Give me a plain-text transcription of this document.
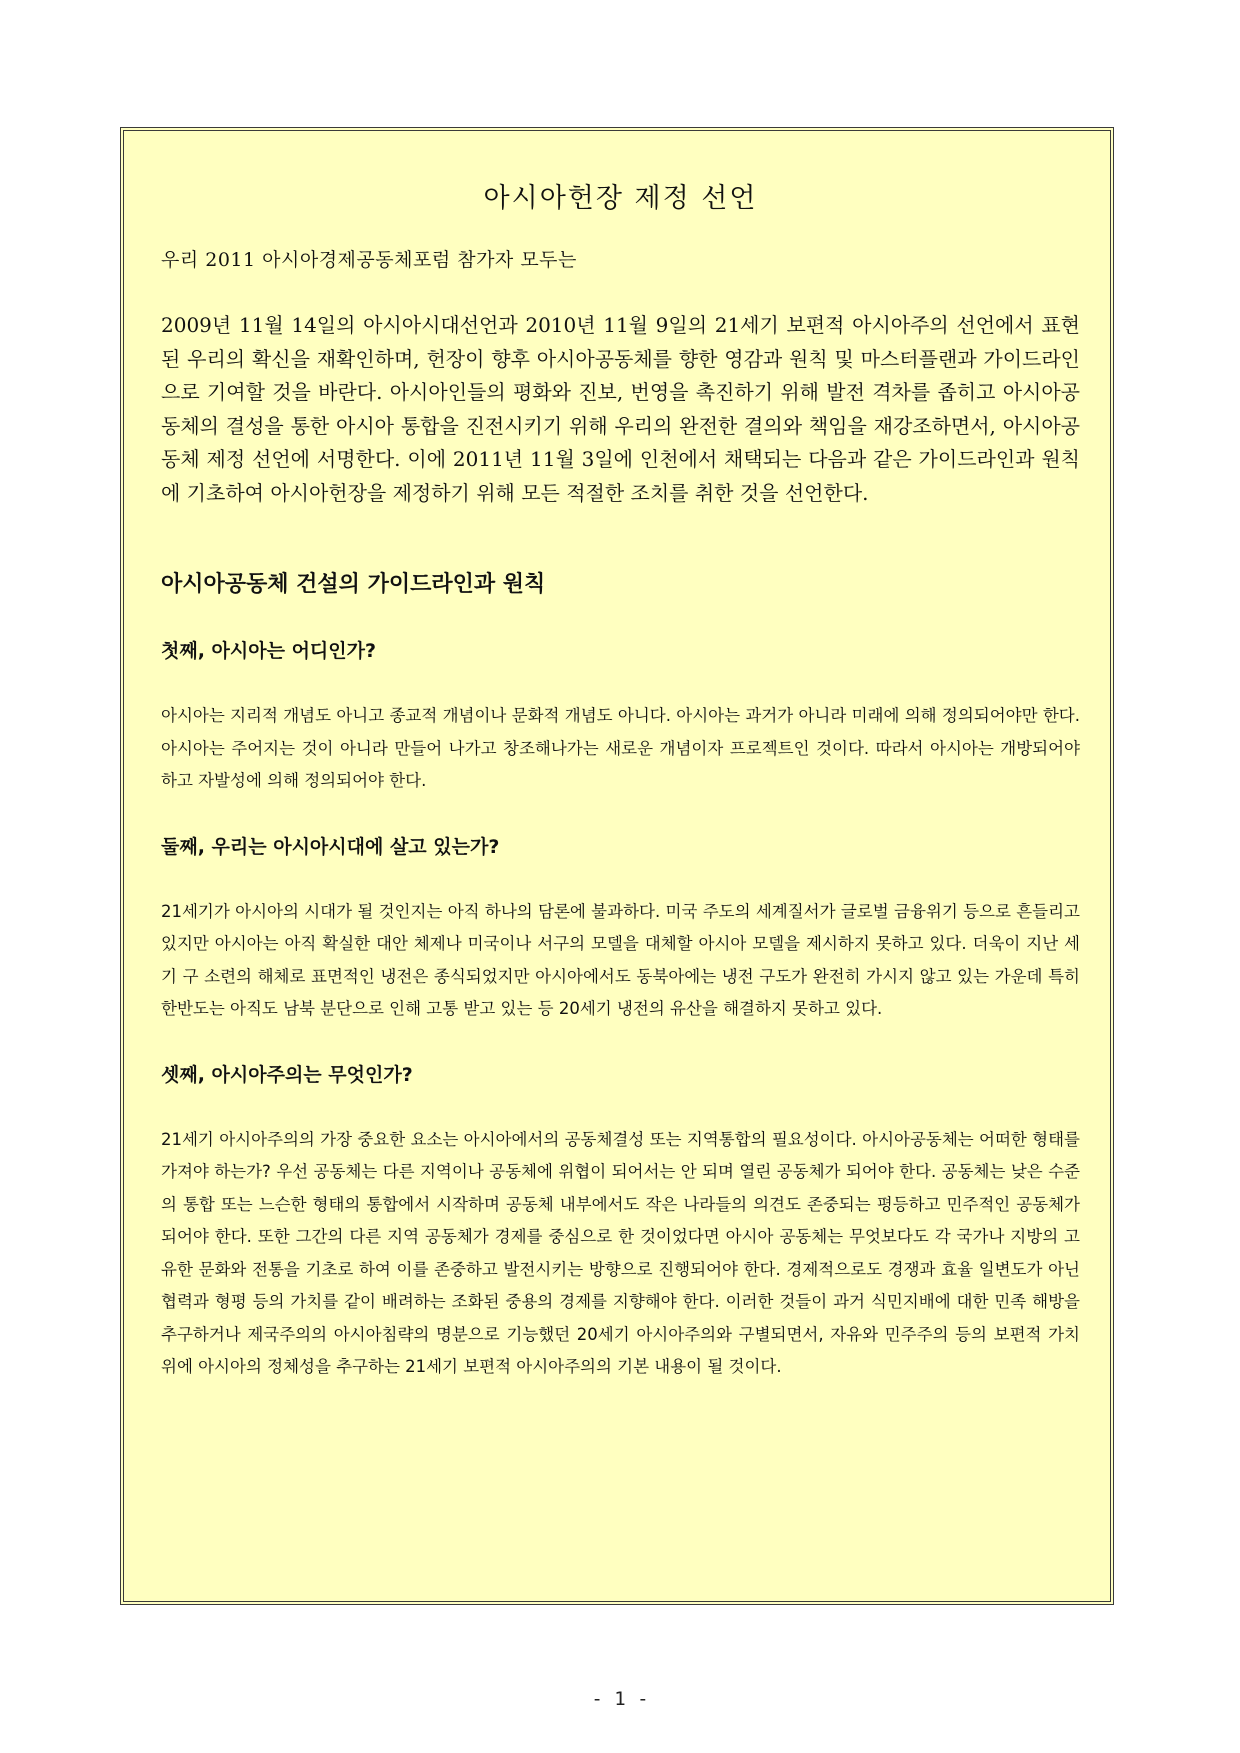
아시아헌장 제정 선언

우리 2011 아시아경제공동체포럼 참가자 모두는

2009년 11월 14일의 아시아시대선언과 2010년 11월 9일의 21세기 보편적 아시아주의 선언에서 표현된 우리의 확신을 재확인하며, 헌장이 향후 아시아공동체를 향한 영감과 원칙 및 마스터플랜과 가이드라인으로 기여할 것을 바란다. 아시아인들의 평화와 진보, 번영을 촉진하기 위해 발전 격차를 좁히고 아시아공동체의 결성을 통한 아시아 통합을 진전시키기 위해 우리의 완전한 결의와 책임을 재강조하면서, 아시아공동체 제정 선언에 서명한다. 이에 2011년 11월 3일에 인천에서 채택되는 다음과 같은 가이드라인과 원칙에 기초하여 아시아헌장을 제정하기 위해 모든 적절한 조치를 취한 것을 선언한다.

아시아공동체 건설의 가이드라인과 원칙
첫째, 아시아는 어디인가?

아시아는 지리적 개념도 아니고 종교적 개념이나 문화적 개념도 아니다. 아시아는 과거가 아니라 미래에 의해 정의되어야만 한다. 아시아는 주어지는 것이 아니라 만들어 나가고 창조해나가는 새로운 개념이자 프로젝트인 것이다. 따라서 아시아는 개방되어야 하고 자발성에 의해 정의되어야 한다.

둘째, 우리는 아시아시대에 살고 있는가?

21세기가 아시아의 시대가 될 것인지는 아직 하나의 담론에 불과하다. 미국 주도의 세계질서가 글로벌 금융위기 등으로 흔들리고 있지만 아시아는 아직 확실한 대안 체제나 미국이나 서구의 모델을 대체할 아시아 모델을 제시하지 못하고 있다. 더욱이 지난 세기 구 소련의 해체로 표면적인 냉전은 종식되었지만 아시아에서도 동북아에는 냉전 구도가 완전히 가시지 않고 있는 가운데 특히 한반도는 아직도 남북 분단으로 인해 고통 받고 있는 등 20세기 냉전의 유산을 해결하지 못하고 있다.

셋째, 아시아주의는 무엇인가?

21세기 아시아주의의 가장 중요한 요소는 아시아에서의 공동체결성 또는 지역통합의 필요성이다. 아시아공동체는 어떠한 형태를 가져야 하는가? 우선 공동체는 다른 지역이나 공동체에 위협이 되어서는 안 되며 열린 공동체가 되어야 한다. 공동체는 낮은 수준의 통합 또는 느슨한 형태의 통합에서 시작하며 공동체 내부에서도 작은 나라들의 의견도 존중되는 평등하고 민주적인 공동체가 되어야 한다. 또한 그간의 다른 지역 공동체가 경제를 중심으로 한 것이었다면 아시아 공동체는 무엇보다도 각 국가나 지방의 고유한 문화와 전통을 기초로 하여 이를 존중하고 발전시키는 방향으로 진행되어야 한다. 경제적으로도 경쟁과 효율 일변도가 아닌 협력과 형평 등의 가치를 같이 배려하는 조화된 중용의 경제를 지향해야 한다. 이러한 것들이 과거 식민지배에 대한 민족 해방을 추구하거나 제국주의의 아시아침략의 명분으로 기능했던 20세기 아시아주의와 구별되면서, 자유와 민주주의 등의 보편적 가치 위에 아시아의 정체성을 추구하는 21세기 보편적 아시아주의의 기본 내용이 될 것이다.

- 1 -
